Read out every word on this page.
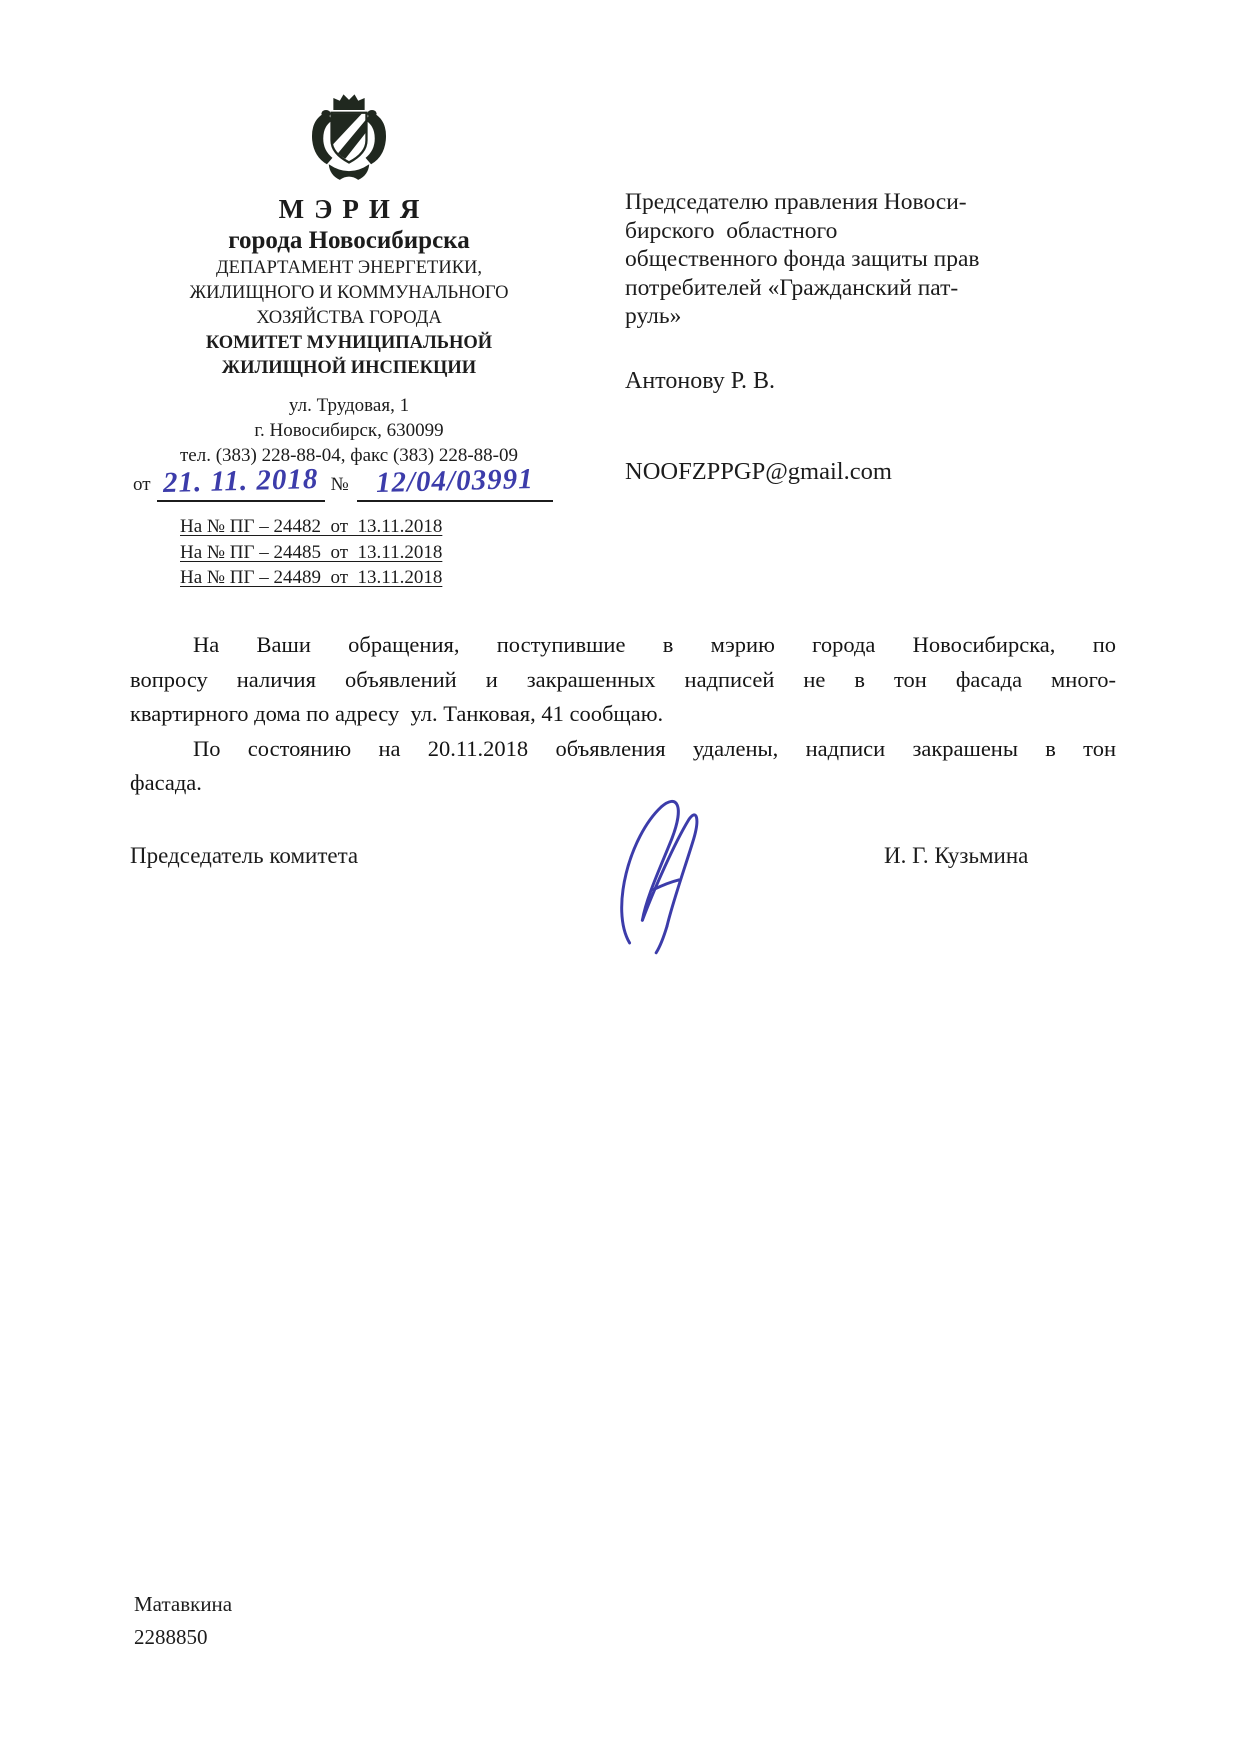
МЭРИЯ
города Новосибирска
ДЕПАРТАМЕНТ ЭНЕРГЕТИКИ,
ЖИЛИЩНОГО И КОММУНАЛЬНОГО
ХОЗЯЙСТВА ГОРОДА
КОМИТЕТ МУНИЦИПАЛЬНОЙ
ЖИЛИЩНОЙ ИНСПЕКЦИИ
ул. Трудовая, 1
г. Новосибирск, 630099
тел. (383) 228-88-04, факс (383) 228-88-09
от 21. 11. 2018 № 12/04/03991
На № ПГ – 24482  от  13.11.2018
На № ПГ – 24485  от  13.11.2018
На № ПГ – 24489  от  13.11.2018
Председателю правления Новоси-
бирского  областного
общественного фонда защиты прав
потребителей «Гражданский пат-
руль»
Антонову Р. В.
NOOFZPPGP@gmail.com
На Ваши обращения, поступившие в мэрию города Новосибирска, по
вопросу наличия объявлений и закрашенных надписей не в тон фасада много-
квартирного дома по адресу  ул. Танковая, 41 сообщаю.
По состоянию на 20.11.2018 объявления удалены, надписи закрашены в тон
фасада.
Председатель комитета	И. Г. Кузьмина
Матавкина
2288850
